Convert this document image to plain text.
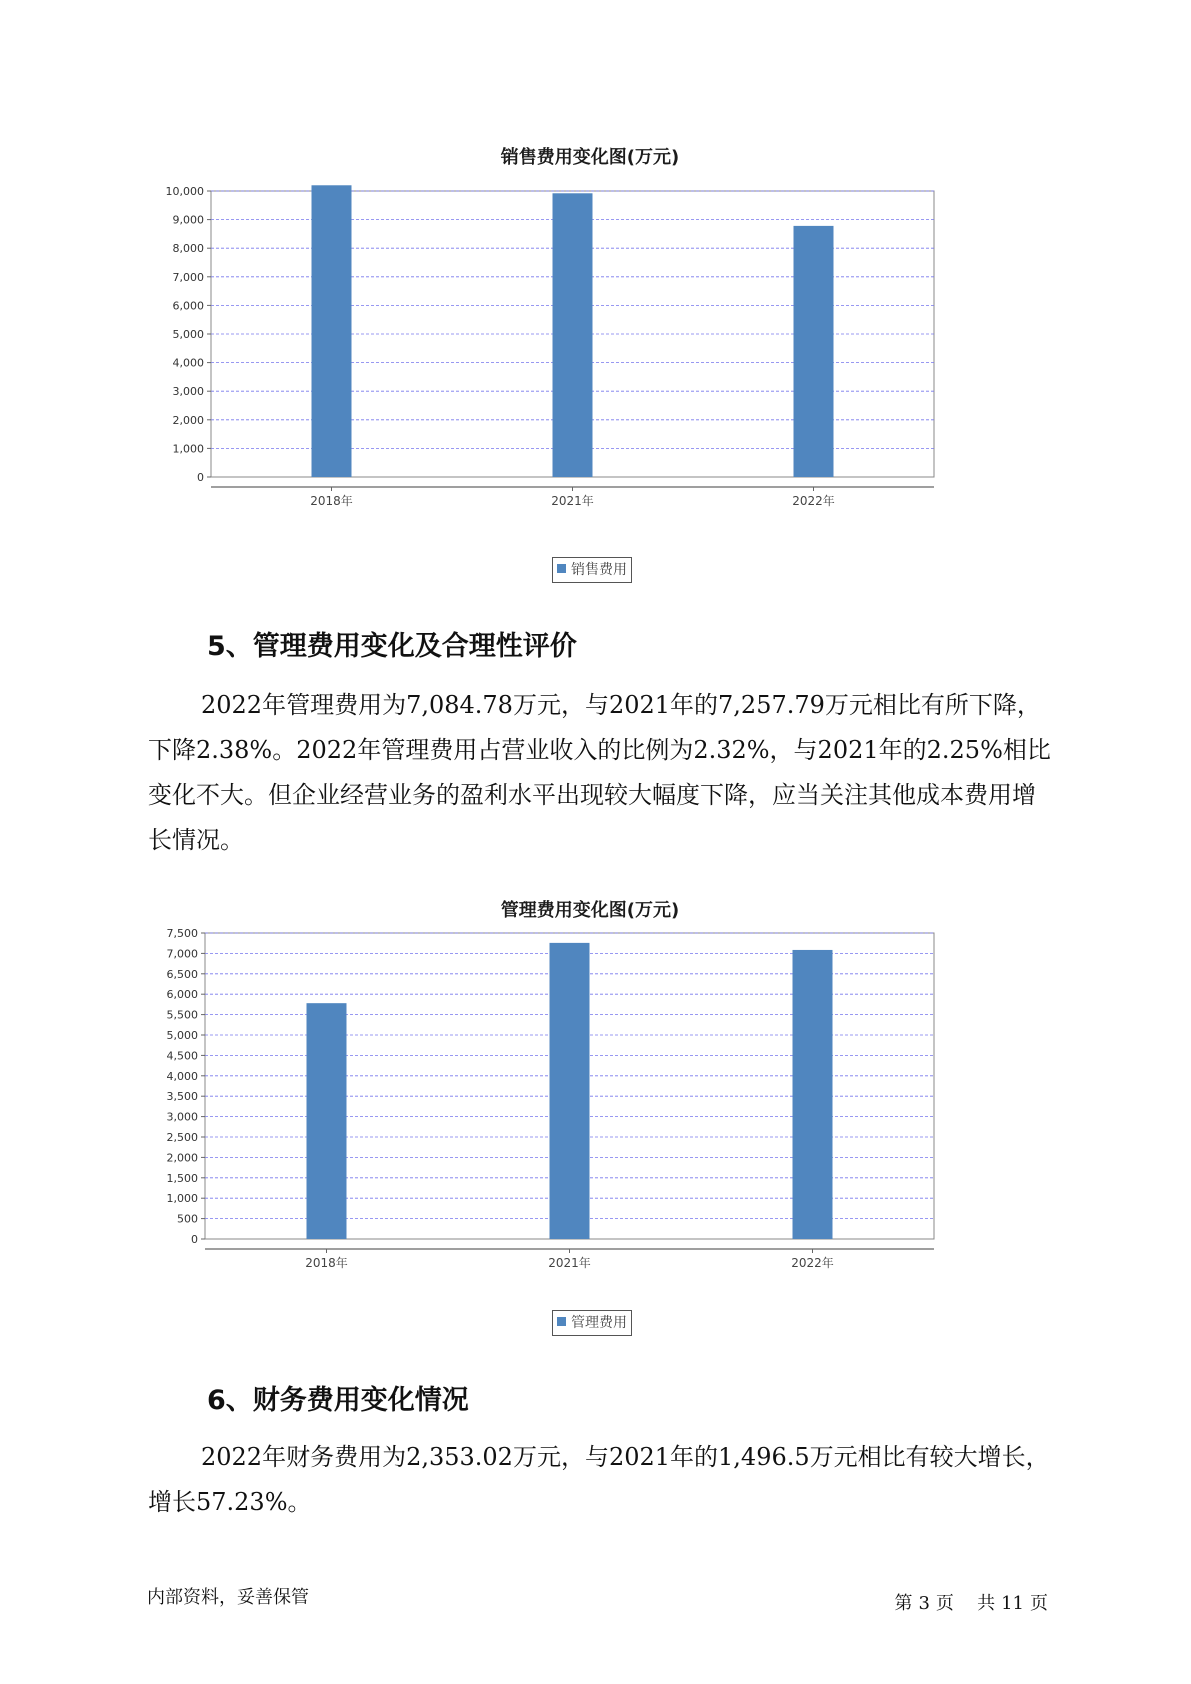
销售费用变化图(万元)
0
1,000
2,000
3,000
4,000
5,000
6,000
7,000
8,000
9,000
10,000
2018年	2021年	2022年
销售费用
5、管理费用变化及合理性评价

2022年管理费用为7,084.78万元，与2021年的7,257.79万元相比有所下降，下降2.38%。2022年管理费用占营业收入的比例为2.32%，与2021年的2.25%相比变化不大。但企业经营业务的盈利水平出现较大幅度下降，应当关注其他成本费用增长情况。

管理费用变化图(万元)
0
500
1,000
1,500
2,000
2,500
3,000
3,500
4,000
4,500
5,000
5,500
6,000
6,500
7,000
7,500
2018年	2021年	2022年
管理费用
6、财务费用变化情况

2022年财务费用为2,353.02万元，与2021年的1,496.5万元相比有较大增长，增长57.23%。

内部资料，妥善保管	第 3 页 共 11 页
